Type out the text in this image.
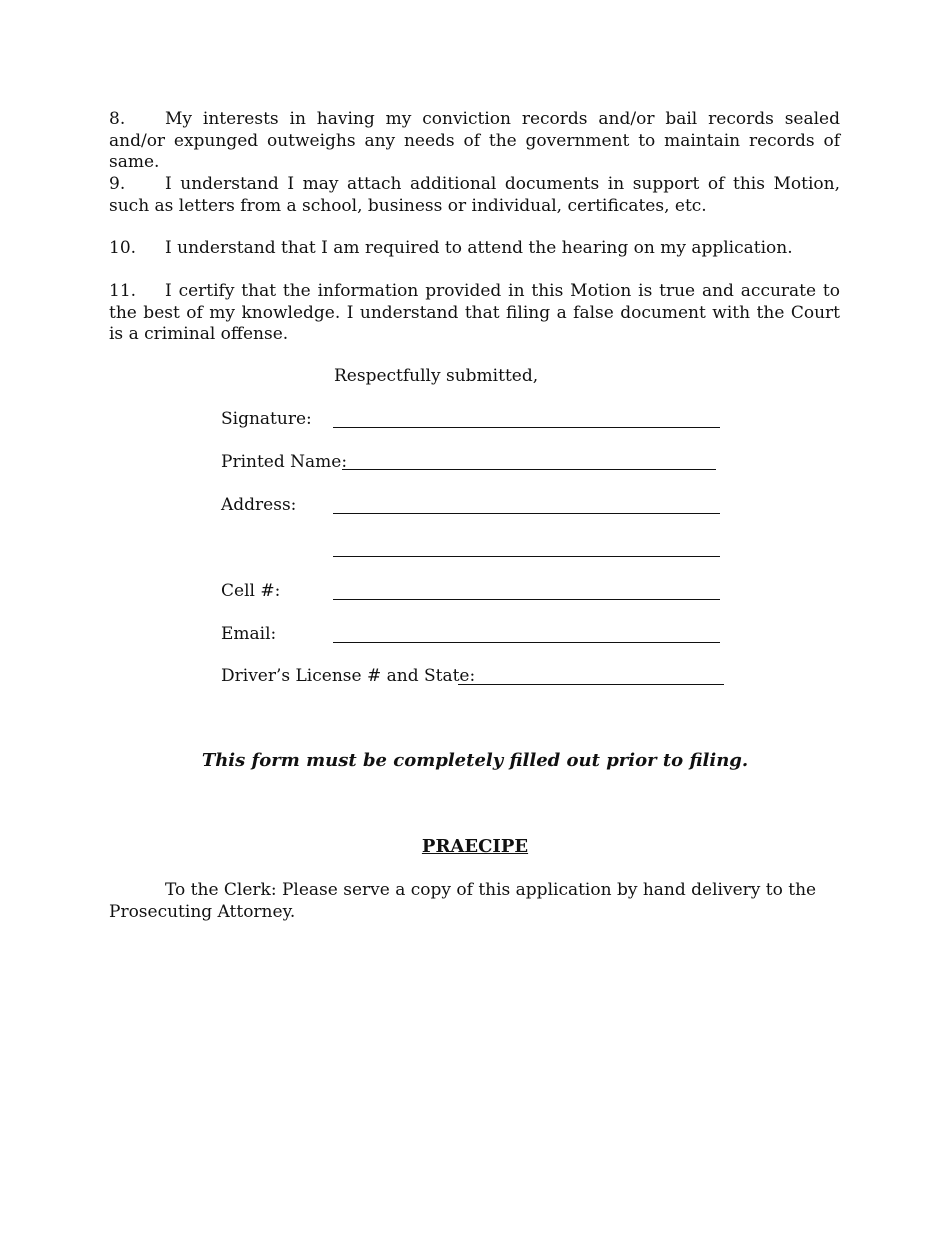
8. My interests in having my conviction records and/or bail records sealed and/or expunged outweighs any needs of the government to maintain records of same.

9. I understand I may attach additional documents in support of this Motion, such as letters from a school, business or individual, certificates, etc.

10. I understand that I am required to attend the hearing on my application.

11. I certify that the information provided in this Motion is true and accurate to the best of my knowledge. I understand that filing a false document with the Court is a criminal offense.

Respectfully submitted,
Signature:
Printed Name:
Address:
Cell #:
Email:
Driver’s License # and State:
This form must be completely filled out prior to filing.
PRAECIPE

To the Clerk: Please serve a copy of this application by hand delivery to the Prosecuting Attorney.
